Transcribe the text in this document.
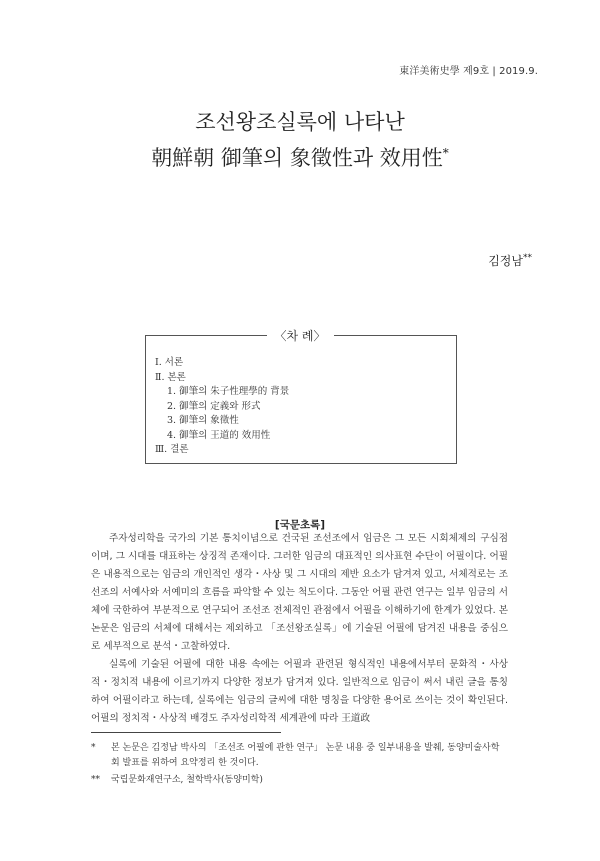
東洋美術史學 제9호 | 2019.9.
조선왕조실록에 나타난
朝鮮朝 御筆의 象徵性과 效用性*
김정남**
〈차 례〉
Ⅰ. 서론
Ⅱ. 본론
1. 御筆의 朱子性理學的 背景
2. 御筆의 定義와 形式
3. 御筆의 象徵性
4. 御筆의 王道的 效用性
Ⅲ. 결론
[국문초록]

주자성리학을 국가의 기본 통치이념으로 건국된 조선조에서 임금은 그 모든 시회체제의 구심점이며, 그 시대를 대표하는 상징적 존재이다. 그러한 임금의 대표적인 의사표현 수단이 어필이다. 어필은 내용적으로는 임금의 개인적인 생각・사상 및 그 시대의 제반 요소가 담겨져 있고, 서체적로는 조선조의 서예사와 서예미의 흐름을 파악할 수 있는 척도이다. 그동안 어필 관련 연구는 일부 임금의 서체에 국한하여 부분적으로 연구되어 조선조 전체적인 관점에서 어필을 이해하기에 한계가 있었다. 본 논문은 임금의 서체에 대해서는 제외하고 「조선왕조실록」에 기술된 어필에 담겨진 내용을 중심으로 세부적으로 분석・고찰하였다.

실록에 기술된 어필에 대한 내용 속에는 어필과 관련된 형식적인 내용에서부터 문화적・사상적・정치적 내용에 이르기까지 다양한 정보가 담겨져 있다. 일반적으로 임금이 써서 내린 글을 통칭하여 어필이라고 하는데, 실록에는 임금의 글씨에 대한 명칭을 다양한 용어로 쓰이는 것이 확인된다. 어필의 정치적・사상적 배경도 주자성리학적 세계관에 따라 王道政

* 본 논문은 김정남 박사의 「조선조 어필에 관한 연구」 논문 내용 중 일부내용을 발췌, 동양미술사학
회 발표를 위하여 요약정리 한 것이다.
** 국립문화재연구소, 철학박사(동양미학)
